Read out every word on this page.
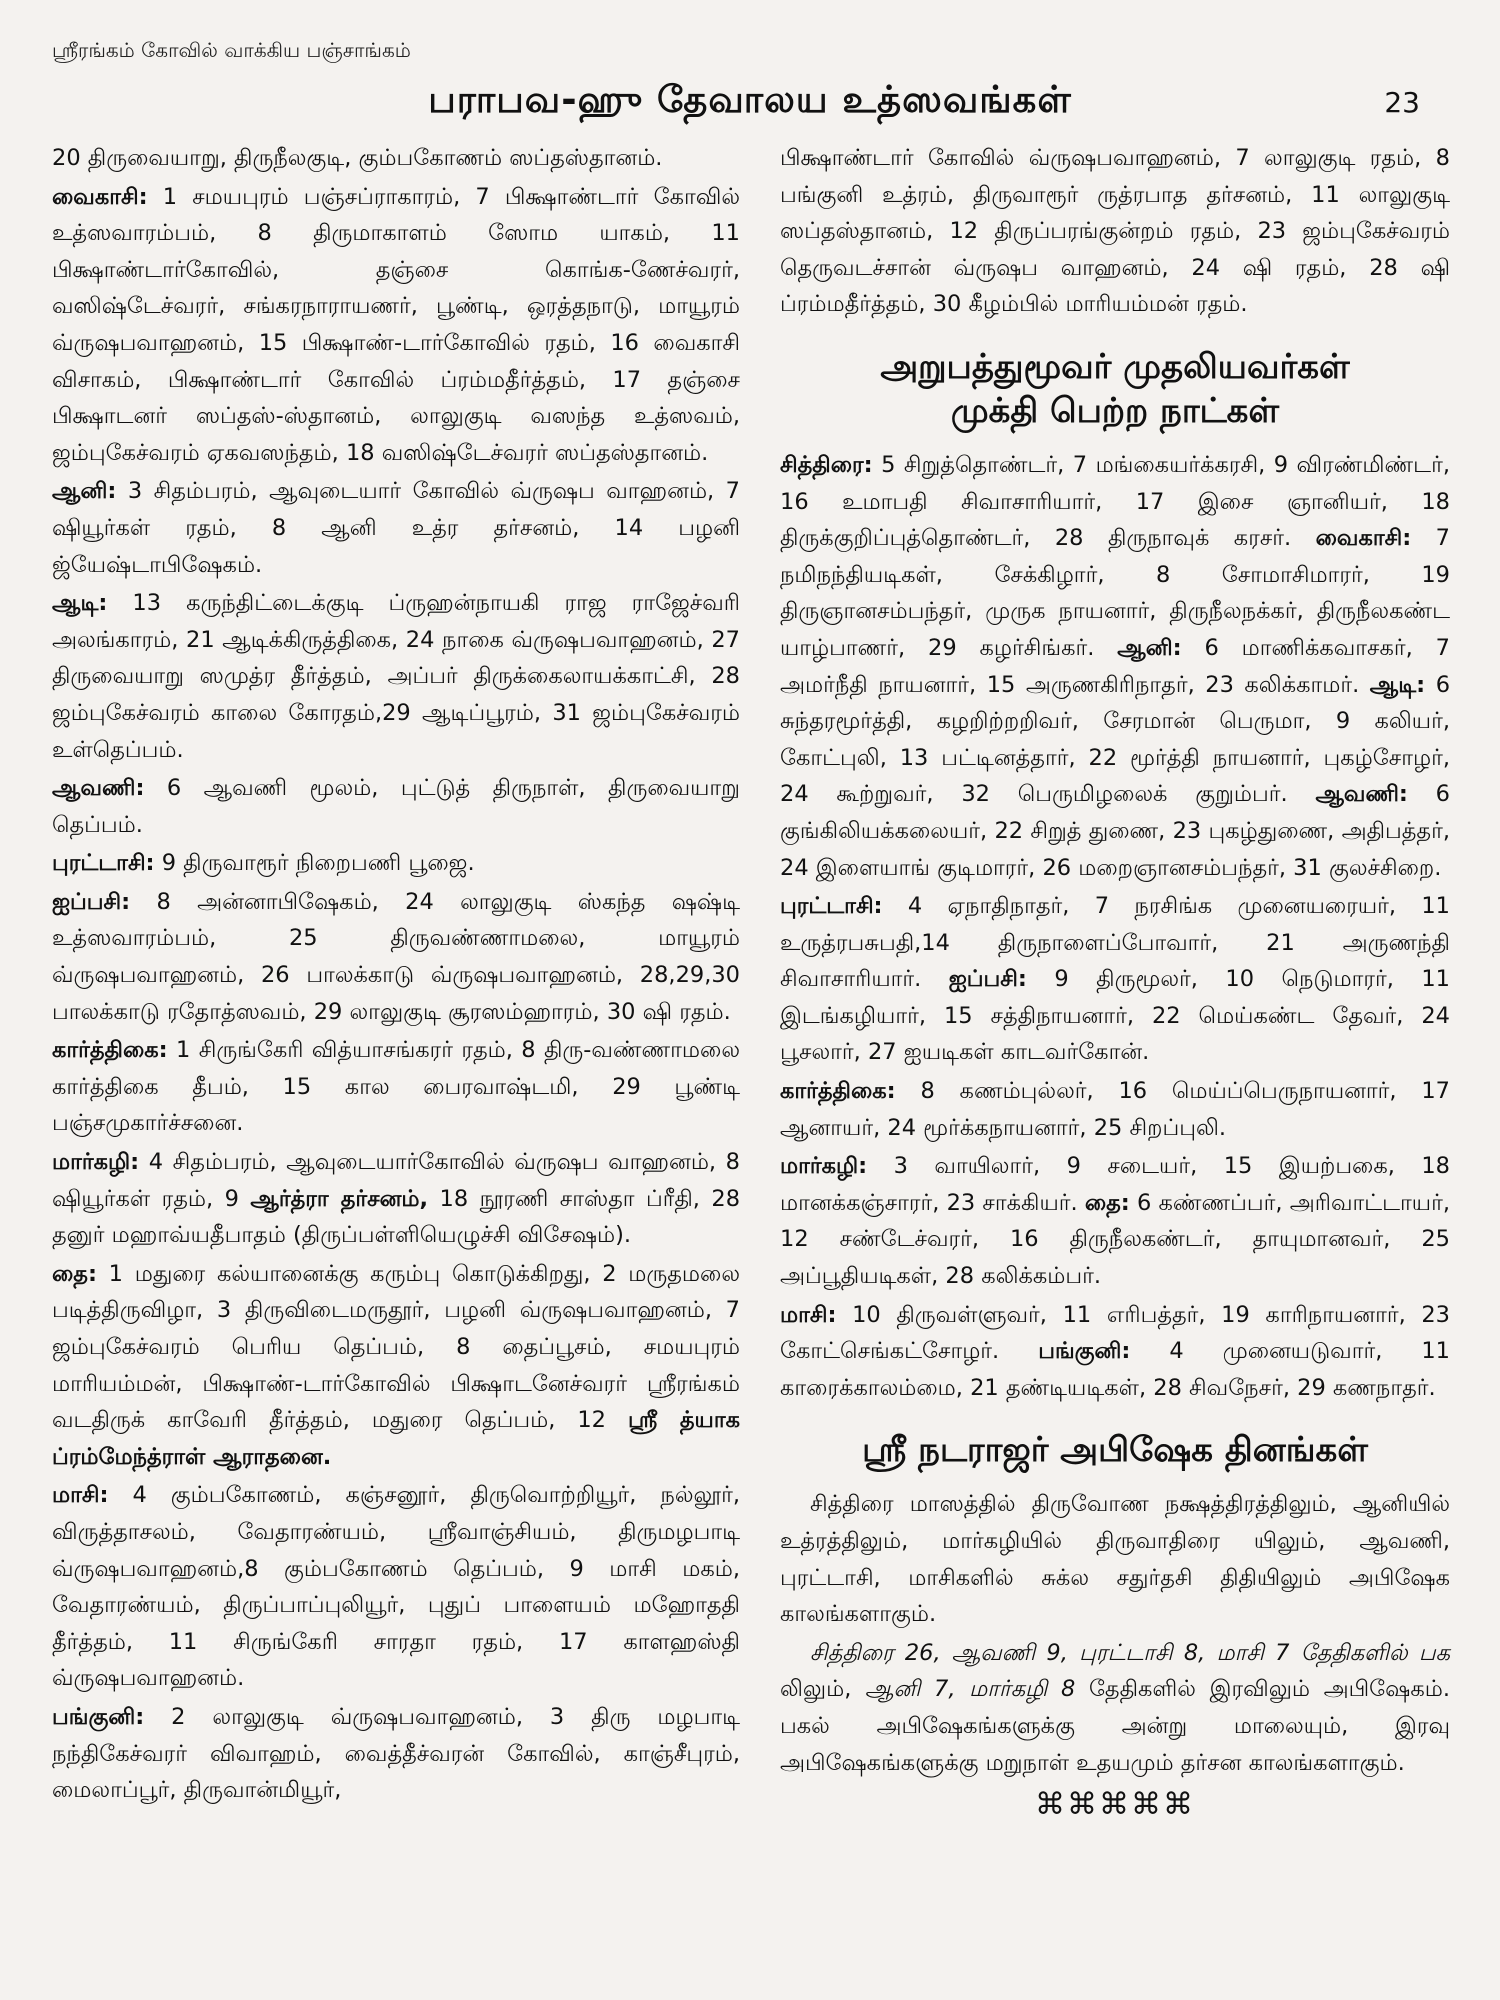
ஸ்ரீரங்கம் கோவில் வாக்கிய பஞ்சாங்கம்
பராபவ-ஹு தேவாலய உத்ஸவங்கள்	23

20 திருவையாறு, திருநீலகுடி, கும்பகோணம் ஸப்தஸ்தானம்.

வைகாசி: 1 சமயபுரம் பஞ்சப்ராகாரம், 7 பிக்ஷாண்டார் கோவில் உத்ஸவாரம்பம், 8 திருமாகாளம் ஸோம யாகம், 11 பிக்ஷாண்டார்கோவில், தஞ்சை கொங்க-ணேச்வரர், வஸிஷ்டேச்வரர், சங்கரநாராயணர், பூண்டி, ஒரத்தநாடு, மாயூரம் வ்ருஷபவாஹனம், 15 பிக்ஷாண்-டார்கோவில் ரதம், 16 வைகாசி விசாகம், பிக்ஷாண்டார் கோவில் ப்ரம்மதீர்த்தம், 17 தஞ்சை பிக்ஷாடனர் ஸப்தஸ்-ஸ்தானம், லாலுகுடி வஸந்த உத்ஸவம், ஜம்புகேச்வரம் ஏகவஸந்தம், 18 வஸிஷ்டேச்வரர் ஸப்தஸ்தானம்.

ஆனி: 3 சிதம்பரம், ஆவுடையார் கோவில் வ்ருஷப வாஹனம், 7 ஷியூர்கள் ரதம், 8 ஆனி உத்ர தர்சனம், 14 பழனி ஜ்யேஷ்டாபிஷேகம்.

ஆடி: 13 கருந்திட்டைக்குடி ப்ருஹன்நாயகி ராஜ ராஜேச்வரி அலங்காரம், 21 ஆடிக்கிருத்திகை, 24 நாகை வ்ருஷபவாஹனம், 27 திருவையாறு ஸமுத்ர தீர்த்தம், அப்பர் திருக்கைலாயக்காட்சி, 28 ஜம்புகேச்வரம் காலை கோரதம்,29 ஆடிப்பூரம், 31 ஜம்புகேச்வரம் உள்தெப்பம்.

ஆவணி: 6 ஆவணி மூலம், புட்டுத் திருநாள், திருவையாறு தெப்பம்.

புரட்டாசி: 9 திருவாரூர் நிறைபணி பூஜை.

ஐப்பசி: 8 அன்னாபிஷேகம், 24 லாலுகுடி ஸ்கந்த ஷஷ்டி உத்ஸவாரம்பம், 25 திருவண்ணாமலை, மாயூரம் வ்ருஷபவாஹனம், 26 பாலக்காடு வ்ருஷபவாஹனம், 28,29,30 பாலக்காடு ரதோத்ஸவம், 29 லாலுகுடி சூரஸம்ஹாரம், 30 ஷி ரதம்.

கார்த்திகை: 1 சிருங்கேரி வித்யாசங்கரர் ரதம், 8 திரு-வண்ணாமலை கார்த்திகை தீபம், 15 கால பைரவாஷ்டமி, 29 பூண்டி பஞ்சமுகார்ச்சனை.

மார்கழி: 4 சிதம்பரம், ஆவுடையார்கோவில் வ்ருஷப வாஹனம், 8 ஷியூர்கள் ரதம், 9 ஆர்த்ரா தர்சனம், 18 நூரணி சாஸ்தா ப்ரீதி, 28 தனுர் மஹாவ்யதீபாதம் (திருப்பள்ளியெழுச்சி விசேஷம்).

தை: 1 மதுரை கல்யானைக்கு கரும்பு கொடுக்கிறது, 2 மருதமலை படித்திருவிழா, 3 திருவிடைமருதூர், பழனி வ்ருஷபவாஹனம், 7 ஜம்புகேச்வரம் பெரிய தெப்பம், 8 தைப்பூசம், சமயபுரம் மாரியம்மன், பிக்ஷாண்-டார்கோவில் பிக்ஷாடனேச்வரர் ஸ்ரீரங்கம் வடதிருக் காவேரி தீர்த்தம், மதுரை தெப்பம், 12 ஸ்ரீ த்யாக ப்ரம்மேந்த்ராள் ஆராதனை.

மாசி: 4 கும்பகோணம், கஞ்சனூர், திருவொற்றியூர், நல்லூர், விருத்தாசலம், வேதாரண்யம், ஸ்ரீவாஞ்சியம், திருமழபாடி வ்ருஷபவாஹனம்,8 கும்பகோணம் தெப்பம், 9 மாசி மகம், வேதாரண்யம், திருப்பாப்புலியூர், புதுப் பாளையம் மஹோததி தீர்த்தம், 11 சிருங்கேரி சாரதா ரதம், 17 காளஹஸ்தி வ்ருஷபவாஹனம்.

பங்குனி: 2 லாலுகுடி வ்ருஷபவாஹனம், 3 திரு மழபாடி நந்திகேச்வரர் விவாஹம், வைத்தீச்வரன் கோவில், காஞ்சீபுரம், மைலாப்பூர், திருவான்மியூர்,

பிக்ஷாண்டார் கோவில் வ்ருஷபவாஹனம், 7 லாலுகுடி ரதம், 8 பங்குனி உத்ரம், திருவாரூர் ருத்ரபாத தர்சனம், 11 லாலுகுடி ஸப்தஸ்தானம், 12 திருப்பரங்குன்றம் ரதம், 23 ஜம்புகேச்வரம் தெருவடச்சான் வ்ருஷப வாஹனம், 24 ஷி ரதம், 28 ஷி ப்ரம்மதீர்த்தம், 30 கீழம்பில் மாரியம்மன் ரதம்.

அறுபத்துமூவர் முதலியவர்கள்
முக்தி பெற்ற நாட்கள்

சித்திரை: 5 சிறுத்தொண்டர், 7 மங்கையர்க்கரசி, 9 விரண்மிண்டர், 16 உமாபதி சிவாசாரியார், 17 இசை ஞானியர், 18 திருக்குறிப்புத்தொண்டர், 28 திருநாவுக் கரசர். வைகாசி: 7 நமிநந்தியடிகள், சேக்கிழார், 8 சோமாசிமாரர், 19 திருஞானசம்பந்தர், முருக நாயனார், திருநீலநக்கர், திருநீலகண்ட யாழ்பாணர், 29 கழர்சிங்கர். ஆனி: 6 மாணிக்கவாசகர், 7 அமர்நீதி நாயனார், 15 அருணகிரிநாதர், 23 கலிக்காமர். ஆடி: 6 சுந்தரமூர்த்தி, கழறிற்றறிவர், சேரமான் பெருமா, 9 கலியர், கோட்புலி, 13 பட்டினத்தார், 22 மூர்த்தி நாயனார், புகழ்சோழர், 24 கூற்றுவர், 32 பெருமிழலைக் குறும்பர். ஆவணி: 6 குங்கிலியக்கலையர், 22 சிறுத் துணை, 23 புகழ்துணை, அதிபத்தர், 24 இளையாங் குடிமாரர், 26 மறைஞானசம்பந்தர், 31 குலச்சிறை.

புரட்டாசி: 4 ஏநாதிநாதர், 7 நரசிங்க முனையரையர், 11 உருத்ரபசுபதி,14 திருநாளைப்போவார், 21 அருணந்தி சிவாசாரியார். ஐப்பசி: 9 திருமூலர், 10 நெடுமாரர், 11 இடங்கழியார், 15 சத்திநாயனார், 22 மெய்கண்ட தேவர், 24 பூசலார், 27 ஐயடிகள் காடவர்கோன்.

கார்த்திகை: 8 கணம்புல்லர், 16 மெய்ப்பெருநாயனார், 17 ஆனாயர், 24 மூர்க்கநாயனார், 25 சிறப்புலி.

மார்கழி: 3 வாயிலார், 9 சடையர், 15 இயற்பகை, 18 மானக்கஞ்சாரர், 23 சாக்கியர். தை: 6 கண்ணப்பர், அரிவாட்டாயர், 12 சண்டேச்வரர், 16 திருநீலகண்டர், தாயுமானவர், 25 அப்பூதியடிகள், 28 கலிக்கம்பர்.

மாசி: 10 திருவள்ளுவர், 11 எரிபத்தர், 19 காரிநாயனார், 23 கோட்செங்கட்சோழர். பங்குனி: 4 முனையடுவார், 11 காரைக்காலம்மை, 21 தண்டியடிகள், 28 சிவநேசர், 29 கணநாதர்.

ஸ்ரீ நடராஜர் அபிஷேக தினங்கள்

சித்திரை மாஸத்தில் திருவோண நக்ஷத்திரத்திலும், ஆனியில் உத்ரத்திலும், மார்கழியில் திருவாதிரை யிலும், ஆவணி, புரட்டாசி, மாசிகளில் சுக்ல சதுர்தசி திதியிலும் அபிஷேக காலங்களாகும்.

சித்திரை 26, ஆவணி 9, புரட்டாசி 8, மாசி 7 தேதிகளில் பக லிலும், ஆனி 7, மார்கழி 8 தேதிகளில் இரவிலும் அபிஷேகம். பகல் அபிஷேகங்களுக்கு அன்று மாலையும், இரவு அபிஷேகங்களுக்கு மறுநாள் உதயமும் தர்சன காலங்களாகும்.

⌘⌘⌘⌘⌘
